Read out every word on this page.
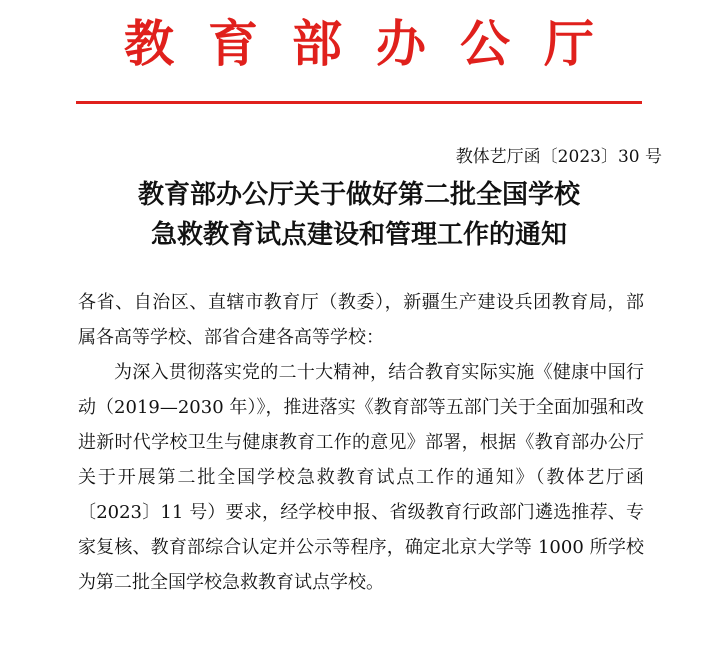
教育部办公厅
教体艺厅函〔2023〕30 号
教育部办公厅关于做好第二批全国学校
急救教育试点建设和管理工作的通知

各省、自治区、直辖市教育厅（教委），新疆生产建设兵团教育局，部属各高等学校、部省合建各高等学校：

为深入贯彻落实党的二十大精神，结合教育实际实施《健康中国行动（2019—2030 年）》，推进落实《教育部等五部门关于全面加强和改进新时代学校卫生与健康教育工作的意见》部署，根据《教育部办公厅关于开展第二批全国学校急救教育试点工作的通知》（教体艺厅函〔2023〕11 号）要求，经学校申报、省级教育行政部门遴选推荐、专家复核、教育部综合认定并公示等程序，确定北京大学等 1000 所学校为第二批全国学校急救教育试点学校。
